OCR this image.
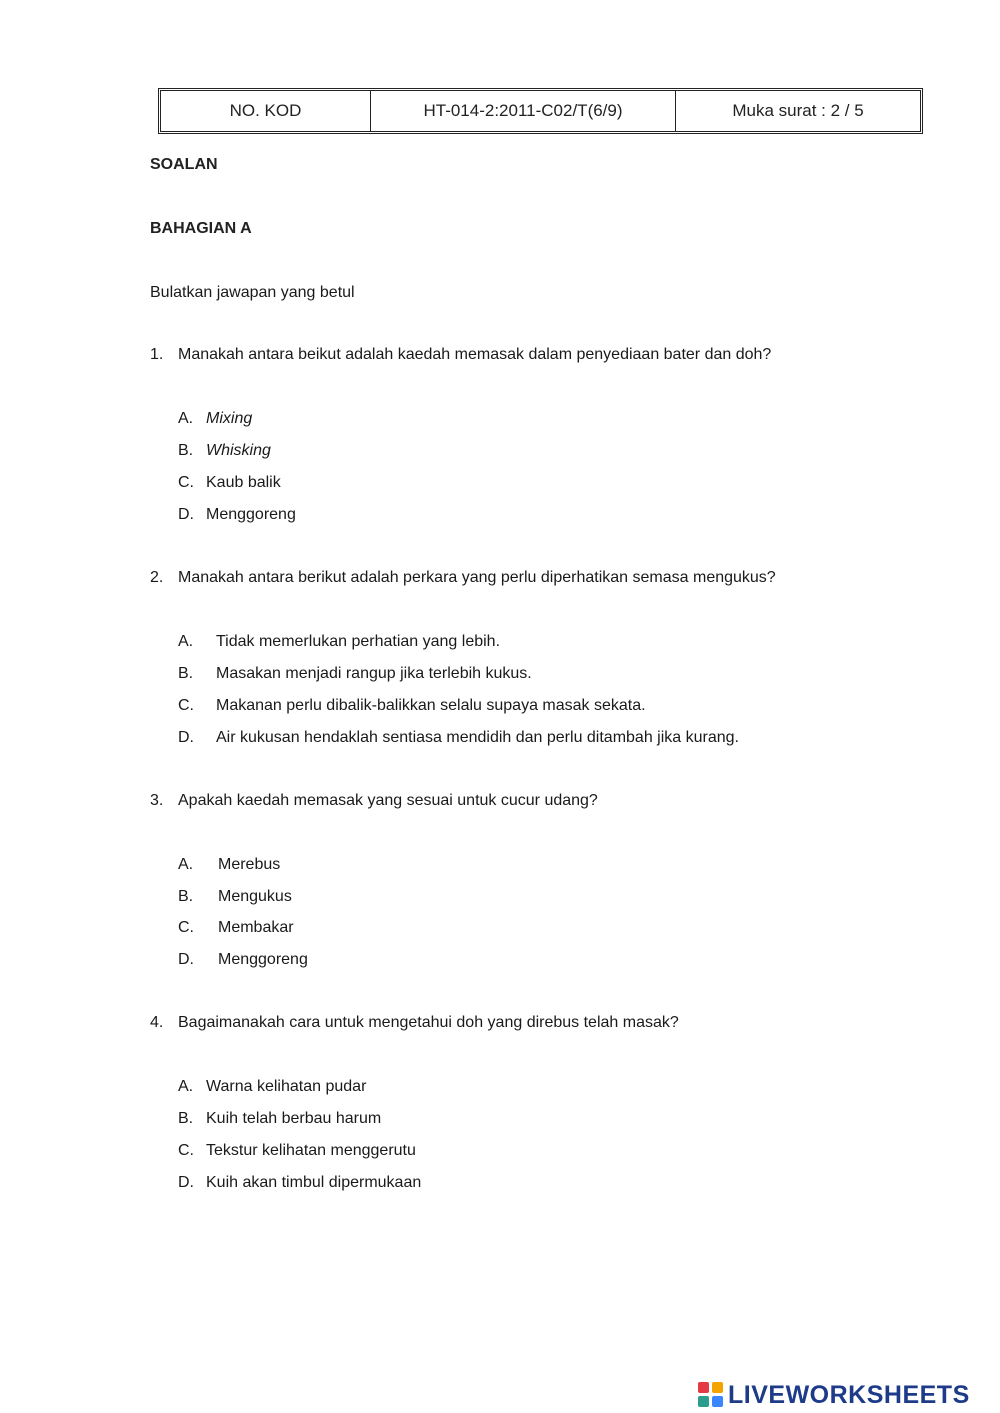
NO. KOD	HT-014-2:2011-C02/T(6/9)	Muka surat : 2 / 5
SOALAN
BAHAGIAN A
Bulatkan jawapan yang betul
1. Manakah antara beikut adalah kaedah memasak dalam penyediaan bater dan doh?
A. Mixing
B. Whisking
C. Kaub balik
D. Menggoreng
2. Manakah antara berikut adalah perkara yang perlu diperhatikan semasa mengukus?
A. Tidak memerlukan perhatian yang lebih.
B. Masakan menjadi rangup jika terlebih kukus.
C. Makanan perlu dibalik-balikkan selalu supaya masak sekata.
D. Air kukusan hendaklah sentiasa mendidih dan perlu ditambah jika kurang.
3. Apakah kaedah memasak yang sesuai untuk cucur udang?
A. Merebus
B. Mengukus
C. Membakar
D. Menggoreng
4. Bagaimanakah cara untuk mengetahui doh yang direbus telah masak?
A. Warna kelihatan pudar
B. Kuih telah berbau harum
C. Tekstur kelihatan menggerutu
D. Kuih akan timbul dipermukaan
LIVEWORKSHEETS
